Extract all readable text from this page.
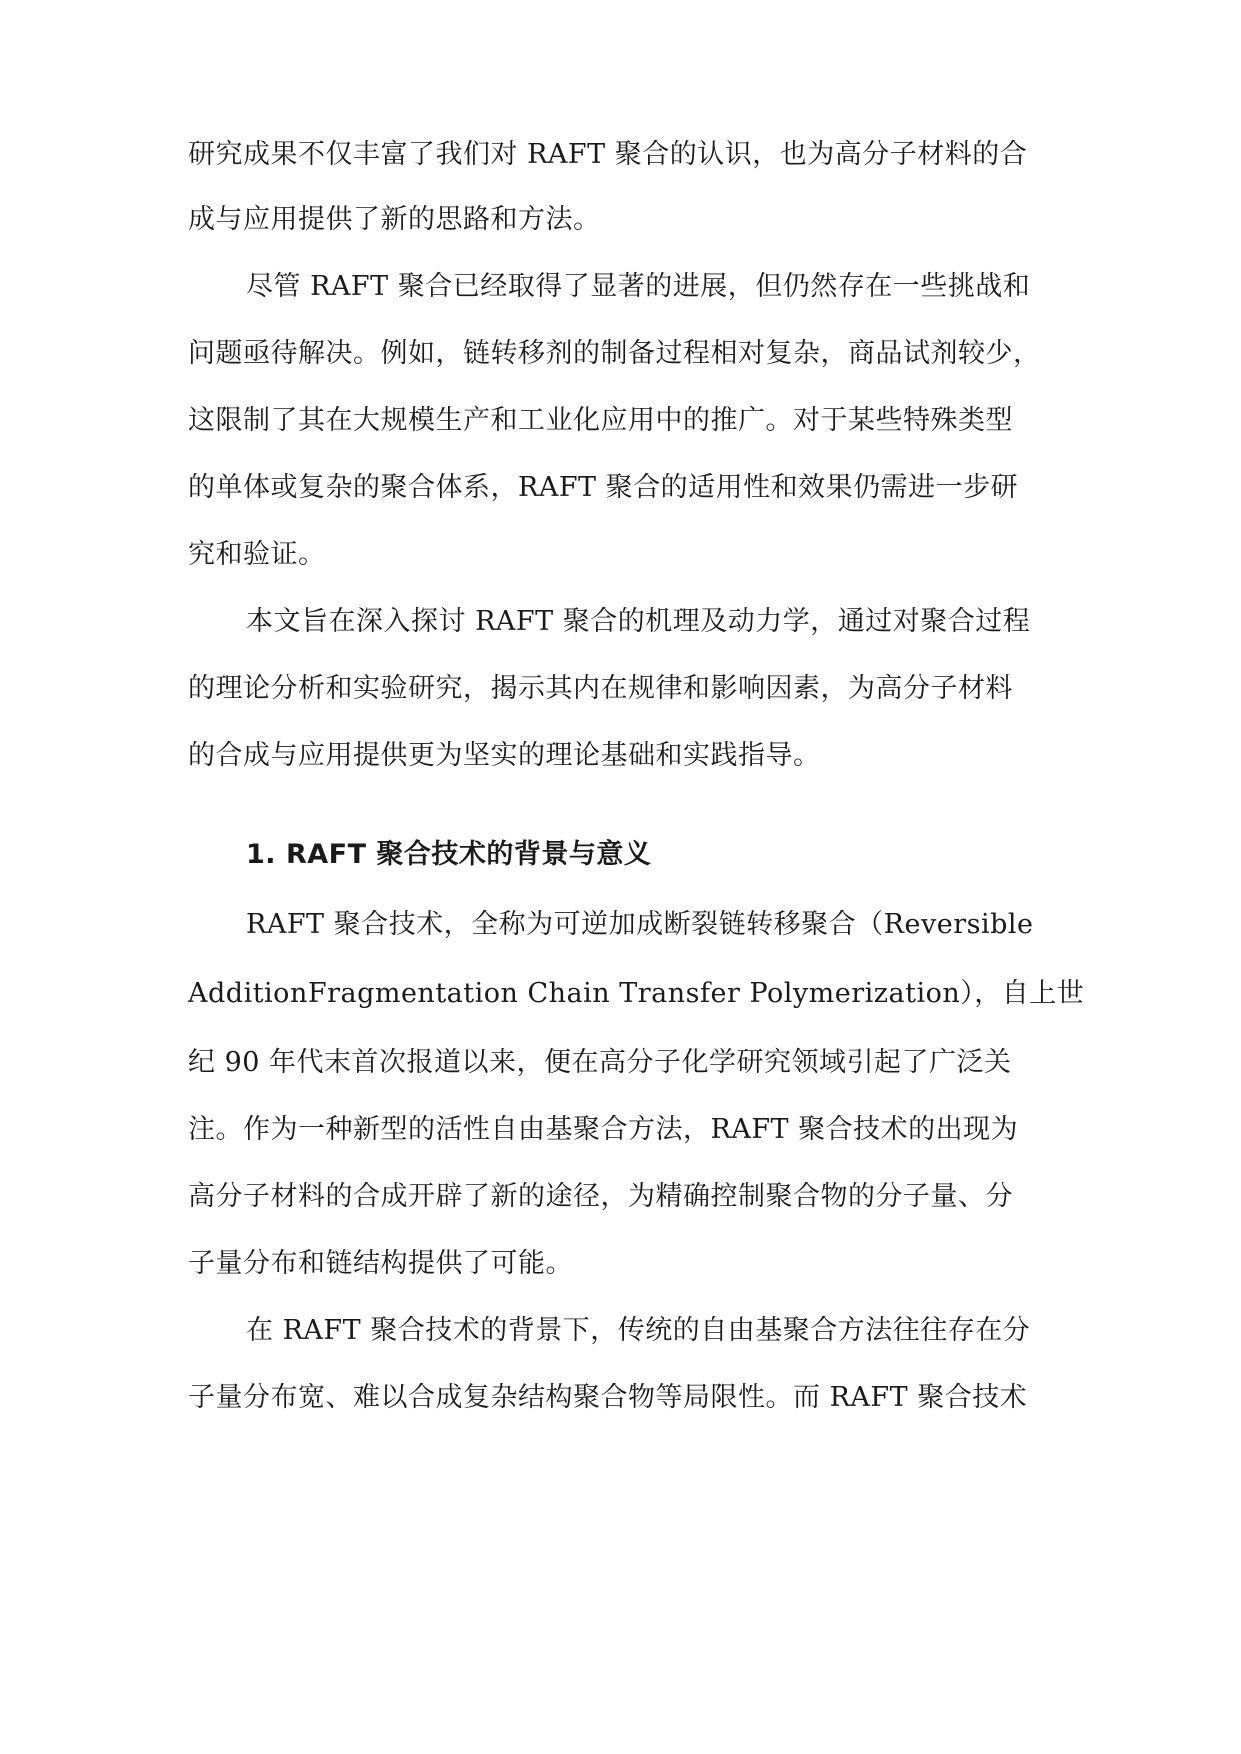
研究成果不仅丰富了我们对 RAFT 聚合的认识，也为高分子材料的合
成与应用提供了新的思路和方法。
尽管 RAFT 聚合已经取得了显著的进展，但仍然存在一些挑战和
问题亟待解决。例如，链转移剂的制备过程相对复杂，商品试剂较少，
这限制了其在大规模生产和工业化应用中的推广。对于某些特殊类型
的单体或复杂的聚合体系，RAFT 聚合的适用性和效果仍需进一步研
究和验证。
本文旨在深入探讨 RAFT 聚合的机理及动力学，通过对聚合过程
的理论分析和实验研究，揭示其内在规律和影响因素，为高分子材料
的合成与应用提供更为坚实的理论基础和实践指导。
1. RAFT 聚合技术的背景与意义
RAFT 聚合技术，全称为可逆加成断裂链转移聚合（Reversible
AdditionFragmentation Chain Transfer Polymerization），自上世
纪 90 年代末首次报道以来，便在高分子化学研究领域引起了广泛关
注。作为一种新型的活性自由基聚合方法，RAFT 聚合技术的出现为
高分子材料的合成开辟了新的途径，为精确控制聚合物的分子量、分
子量分布和链结构提供了可能。
在 RAFT 聚合技术的背景下，传统的自由基聚合方法往往存在分
子量分布宽、难以合成复杂结构聚合物等局限性。而 RAFT 聚合技术
